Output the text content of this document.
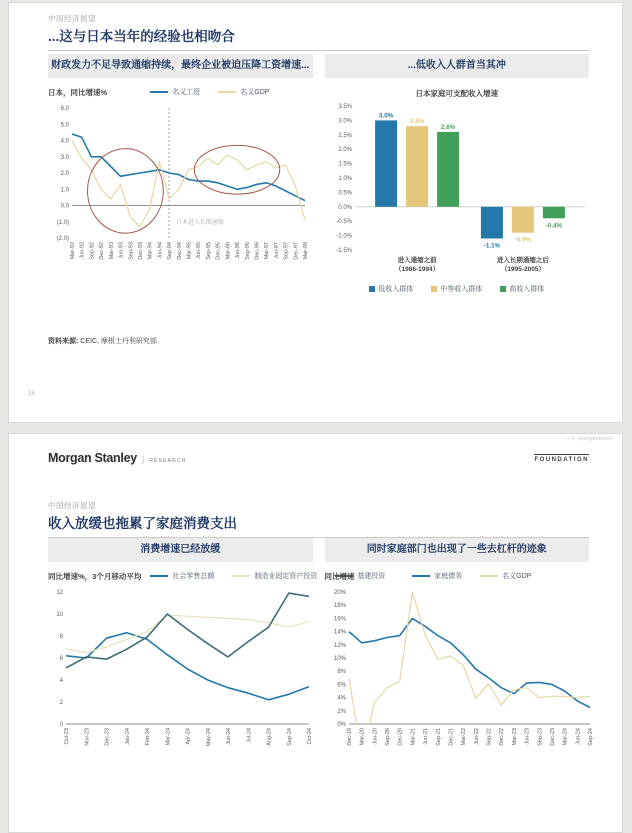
中国经济展望
...这与日本当年的经验也相吻合
财政发力不足导致通缩持续，最终企业被迫压降工资增速...
日本，同比增速%	名义工资	名义GDP
6.0
5.0
4.0
3.0
2.0
1.0
0.0
(1.0)
(2.0)
日本进入长期通缩
Mar-92 Jun-92 Sep-92 Dec-92 Mar-93 Jun-93 Sep-93 Dec-93 Mar-94 Jun-94 Sep-94 Dec-94 Mar-95 Jun-95 Sep-95 Dec-95 Mar-96 Jun-96 Sep-96 Dec-96 Mar-97 Jun-97 Sep-97 Dec-97 Mar-98
...低收入人群首当其冲
日本家庭可支配收入增速
3.5%
3.0%
2.5%
2.0%
1.5%
1.0%
0.5%
0.0%
-0.5%
-1.0%
-1.5%
3.0%
2.8%
2.6%
进入通缩之前
（1986-1994）
-1.1%
-0.9%
-0.4%
进入长期通缩之后
（1995-2005）
低收入群体	中等收入群体	高收入群体
资料来源: CEIC, 摩根士丹利研究部
16
+ V. quangkubovnf
Morgan Stanley | RESEARCH	FOUNDATION
中国经济展望
收入放缓也拖累了家庭消费支出
消费增速已经放缓
同比增速%，3个月移动平均	社会零售总额	制造业固定资产投资	基建投资
12
10
8
6
4
2
0
Oct-23	Nov-23	Dec-23	Jan-24	Feb-24	Mar-24	Apr-24	May-24	Jun-24	Jul-24	Aug-24	Sep-24	Oct-24
同时家庭部门也出现了一些去杠杆的迹象
同比增速	家庭债务	名义GDP
20%
18%
16%
14%
12%
10%
8%
6%
4%
2%
0%
Dec-19 Mar-20 Jun-20 Sep-20 Dec-20 Mar-21 Jun-21 Sep-21 Dec-21 Mar-22 Jun-22 Sep-22 Dec-22 Mar-23 Jun-23 Sep-23 Dec-23 Mar-24 Jun-24 Sep-24
